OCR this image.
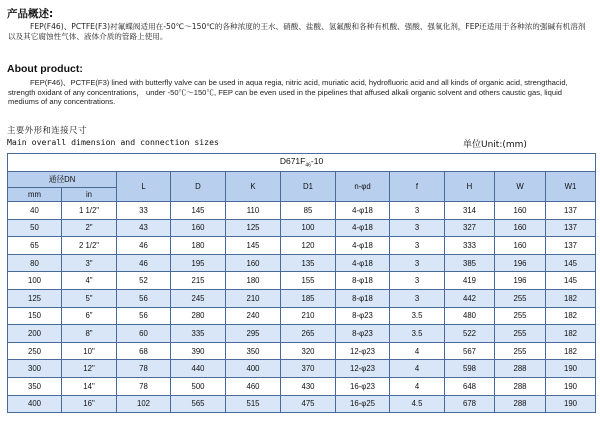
产品概述:
FEP(F46)、PCTFE(F3)衬氟蝶阀适用在-50℃～150℃的各种浓度的王水、硝酸、盐酸、氢氟酸和各种有机酸、强酸、强氧化剂，FEP还适用于各种浓的强碱有机溶剂以及其它腐蚀性气体、液体介质的管路上使用。
About product:
FEP(F46)、PCTFE(F3) lined with butterfly valve can be used in aqua regia, nitric acid, muriatic acid, hydrofluoric acid and all kinds of organic acid, strengthacid, strength oxidant of any concentrations， under -50℃～150℃, FEP can be even used in the pipelines that affused alkali organic solvent and others caustic gas, liquid mediums of any concentrations.
主要外形和连接尺寸
Main overall dimension and connection sizes	单位Unit:(mm)
$D671F_{46}-10$										
通径DN		L	D	K	D1	n-φd	f	H	W	W1
mm	in									
40	1 1/2"	33	145	110	85	4-φ18	3	314	160	137
50	2"	43	160	125	100	4-φ18	3	327	160	137
65	2 1/2"	46	180	145	120	4-φ18	3	333	160	137
80	3"	46	195	160	135	4-φ18	3	385	196	145
100	4"	52	215	180	155	8-φ18	3	419	196	145
125	5"	56	245	210	185	8-φ18	3	442	255	182
150	6"	56	280	240	210	8-φ23	3.5	480	255	182
200	8"	60	335	295	265	8-φ23	3.5	522	255	182
250	10"	68	390	350	320	12-φ23	4	567	255	182
300	12"	78	440	400	370	12-φ23	4	598	288	190
350	14"	78	500	460	430	16-φ23	4	648	288	190
400	16"	102	565	515	475	16-φ25	4.5	678	288	190
